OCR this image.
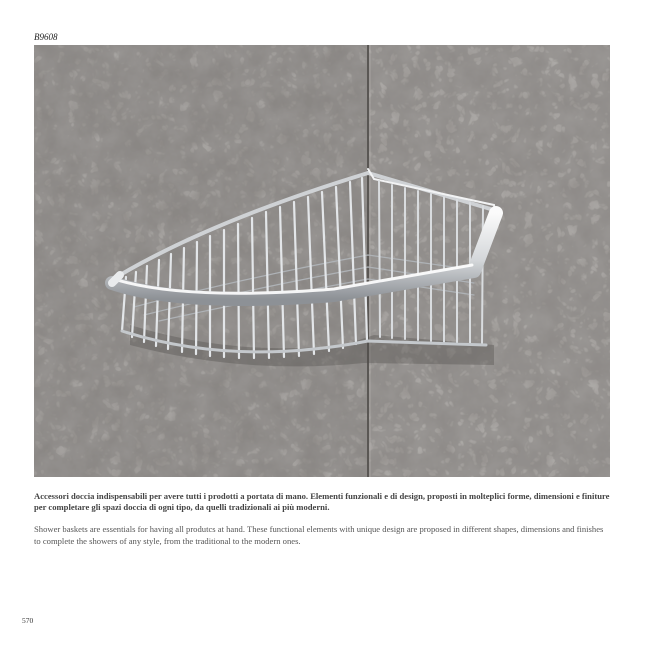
B9608
Accessori doccia indispensabili per avere tutti i prodotti a portata di mano. Elementi funzionali e di design, proposti in molteplici forme, dimensioni e finiture per completare gli spazi doccia di ogni tipo, da quelli tradizionali ai più moderni.
Shower baskets are essentials for having all produtcs at hand. These functional elements with unique design are proposed in different shapes, dimensions and finishes to complete the showers of any style, from the traditional to the modern ones.
570
